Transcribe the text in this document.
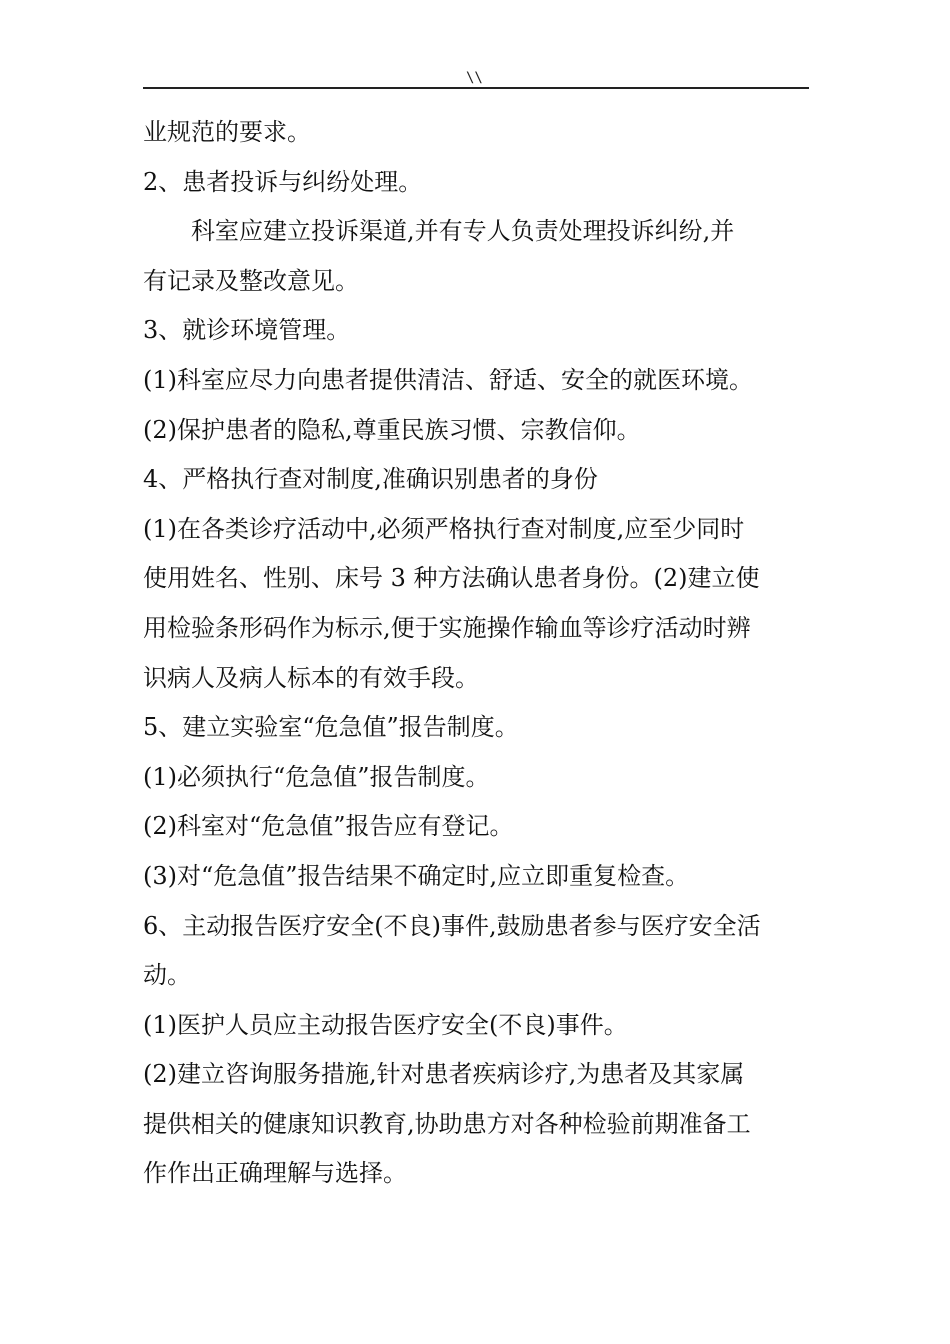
\\
业规范的要求。
2、患者投诉与纠纷处理。
科室应建立投诉渠道,并有专人负责处理投诉纠纷,并
有记录及整改意见。
3、就诊环境管理。
(1)科室应尽力向患者提供清洁、舒适、安全的就医环境。
(2)保护患者的隐私,尊重民族习惯、宗教信仰。
4、严格执行查对制度,准确识别患者的身份
(1)在各类诊疗活动中,必须严格执行查对制度,应至少同时
使用姓名、性别、床号 3 种方法确认患者身份。(2)建立使
用检验条形码作为标示,便于实施操作输血等诊疗活动时辨
识病人及病人标本的有效手段。
5、建立实验室“危急值”报告制度。
(1)必须执行“危急值”报告制度。
(2)科室对“危急值”报告应有登记。
(3)对“危急值”报告结果不确定时,应立即重复检查。
6、主动报告医疗安全(不良)事件,鼓励患者参与医疗安全活
动。
(1)医护人员应主动报告医疗安全(不良)事件。
(2)建立咨询服务措施,针对患者疾病诊疗,为患者及其家属
提供相关的健康知识教育,协助患方对各种检验前期准备工
作作出正确理解与选择。
